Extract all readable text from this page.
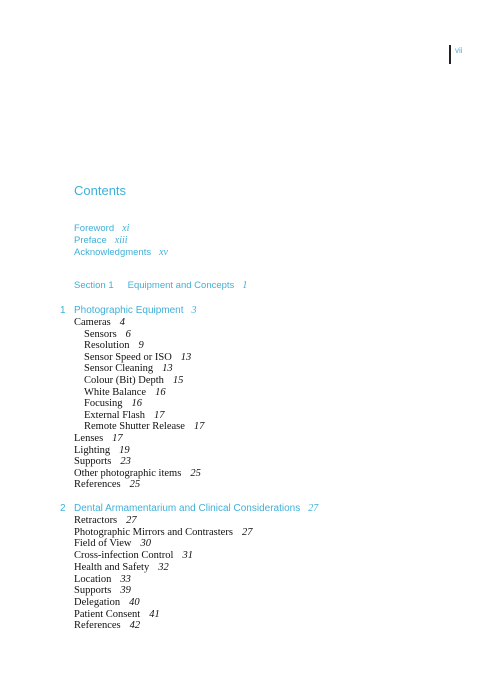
vii
Contents
Foreword xi
Preface xiii
Acknowledgments xv
Section 1 Equipment and Concepts 1
1 Photographic Equipment 3
Cameras 4
Sensors 6
Resolution 9
Sensor Speed or ISO 13
Sensor Cleaning 13
Colour (Bit) Depth 15
White Balance 16
Focusing 16
External Flash 17
Remote Shutter Release 17
Lenses 17
Lighting 19
Supports 23
Other photographic items 25
References 25
2 Dental Armamentarium and Clinical Considerations 27
Retractors 27
Photographic Mirrors and Contrasters 27
Field of View 30
Cross-infection Control 31
Health and Safety 32
Location 33
Supports 39
Delegation 40
Patient Consent 41
References 42
